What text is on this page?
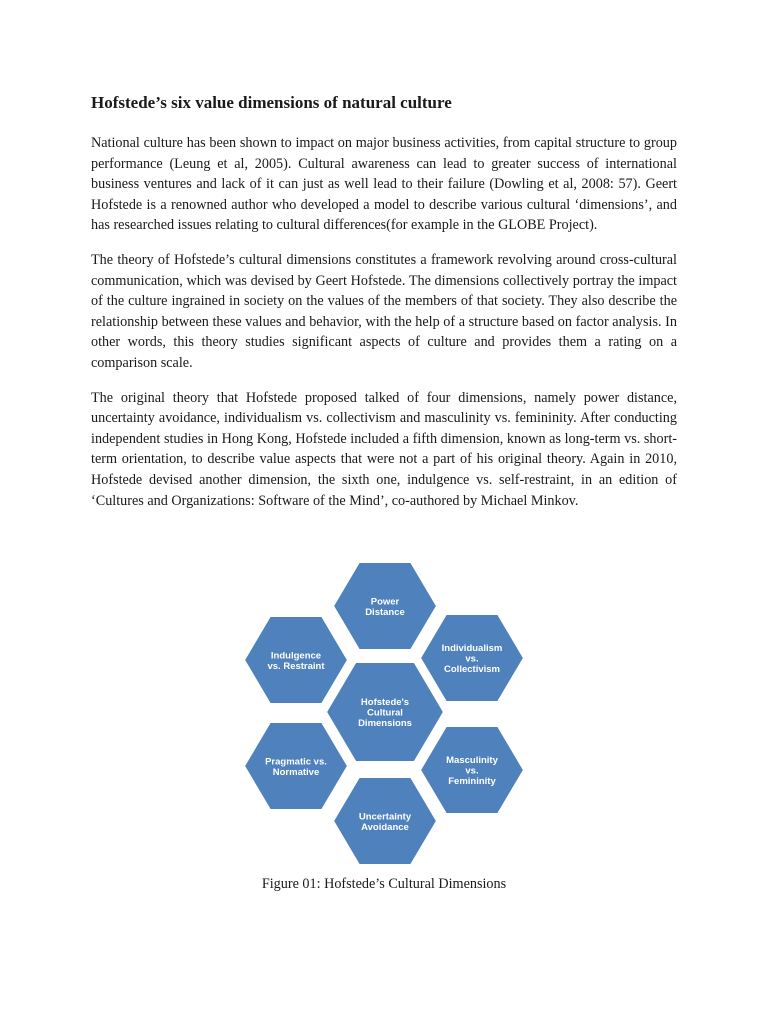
Hofstede’s six value dimensions of natural culture

National culture has been shown to impact on major business activities, from capital structure to group performance (Leung et al, 2005). Cultural awareness can lead to greater success of international business ventures and lack of it can just as well lead to their failure (Dowling et al, 2008: 57). Geert Hofstede is a renowned author who developed a model to describe various cultural ‘dimensions’, and has researched issues relating to cultural differences(for example in the GLOBE Project).

The theory of Hofstede’s cultural dimensions constitutes a framework revolving around cross-cultural communication, which was devised by Geert Hofstede. The dimensions collectively portray the impact of the culture ingrained in society on the values of the members of that society. They also describe the relationship between these values and behavior, with the help of a structure based on factor analysis. In other words, this theory studies significant aspects of culture and provides them a rating on a comparison scale.

The original theory that Hofstede proposed talked of four dimensions, namely power distance, uncertainty avoidance, individualism vs. collectivism and masculinity vs. femininity. After conducting independent studies in Hong Kong, Hofstede included a fifth dimension, known as long-term vs. short-term orientation, to describe value aspects that were not a part of his original theory. Again in 2010, Hofstede devised another dimension, the sixth one, indulgence vs. self-restraint, in an edition of ‘Cultures and Organizations: Software of the Mind’, co-authored by Michael Minkov.

Hofstede's
Cultural
Dimensions
Power
Distance
Individualism
vs.
Collectivism
Masculinity
vs.
Femininity
Uncertainty
Avoidance
Pragmatic vs.
Normative
Indulgence
vs. Restraint
Figure 01: Hofstede’s Cultural Dimensions
